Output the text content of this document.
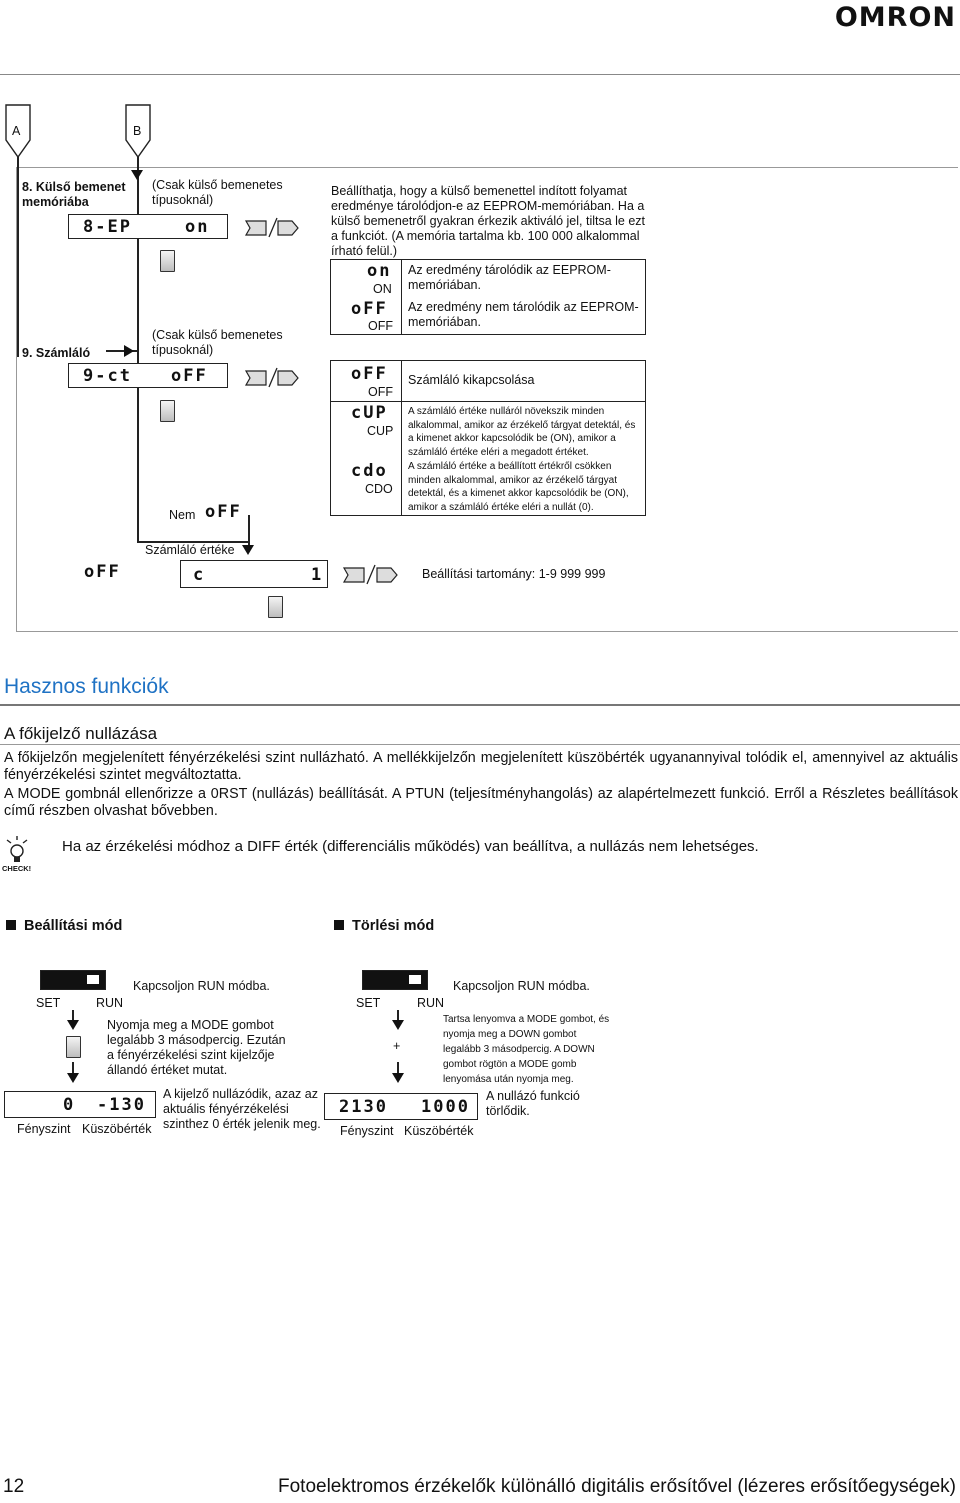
OMRON
A	B
8. Külső bemenet memóriába
(Csak külső bemenetes típusoknál)
8-EP	on
Beállíthatja, hogy a külső bemenettel indított folyamat eredménye tárolódjon-e az EEPROM-memóriában. Ha a külső bemenetről gyakran érkezik aktiváló jel, tiltsa le ezt a funkciót. (A memória tartalma kb. 100 000 alkalommal írható felül.)
on
ON
Az eredmény tárolódik az EEPROM-memóriában.
oFF
OFF
Az eredmény nem tárolódik az EEPROM-memóriában.
9. Számláló
(Csak külső bemenetes típusoknál)
9-ct oFF
Nem oFF
oFF
OFF
Számláló kikapcsolása
cUP
CUP
A számláló értéke nulláról növekszik minden alkalommal, amikor az érzékelő tárgyat detektál, és a kimenet akkor kapcsolódik be (ON), amikor a számláló értéke eléri a megadott értéket.
cdo
CDO
A számláló értéke a beállított értékről csökken minden alkalommal, amikor az érzékelő tárgyat detektál, és a kimenet akkor kapcsolódik be (ON), amikor a számláló értéke eléri a nullát (0).
oFF
Számláló értéke
c	1	Beállítási tartomány: 1-9 999 999
Hasznos funkciók
A főkijelző nullázása

A főkijelzőn megjelenített fényérzékelési szint nullázható. A mellékkijelzőn megjelenített küszöbérték ugyanannyival tolódik el, amennyivel az aktuális fényérzékelési szintet megváltoztatta.

A MODE gombnál ellenőrizze a 0RST (nullázás) beállítását. A PTUN (teljesítményhangolás) az alapértelmezett funkció. Erről a Részletes beállítások című részben olvashat bővebben.

CHECK!
Ha az érzékelési módhoz a DIFF érték (differenciális működés) van beállítva, a nullázás nem lehetséges.
Beállítási mód	Törlési mód
SET	RUN
Kapcsoljon RUN módba.
Nyomja meg a MODE gombot legalább 3 másodpercig. Ezután a fényérzékelési szint kijelzője állandó értéket mutat.
0 -130
A kijelző nullázódik, azaz az aktuális fényérzékelési szinthez 0 érték jelenik meg.
Fényszint Küszöbérték
SET	RUN
Kapcsoljon RUN módba.
+
Tartsa lenyomva a MODE gombot, és nyomja meg a DOWN gombot legalább 3 másodpercig. A DOWN gombot rögtön a MODE gomb lenyomása után nyomja meg.
2130 1000
A nullázó funkció törlődik.
Fényszint Küszöbérték
12	Fotoelektromos érzékelők különálló digitális erősítővel (lézeres erősítőegységek)
